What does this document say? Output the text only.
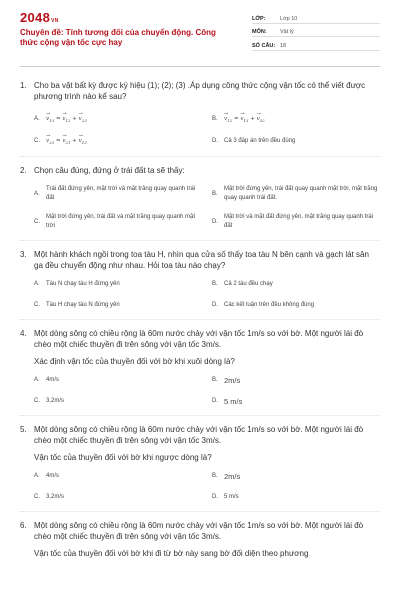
2048VN
Chuyên đề: Tính tương đối của chuyển động. Công thức cộng vận tốc cực hay
LỚP:	Lớp 10
MÔN:	Vật lý
SỐ CÂU: 18
1. Cho ba vật bất kỳ được ký hiệu (1); (2); (3) .Áp dụng công thức cộng vận tốc có thể viết được phương trình nào kể sau?
A.	v
→
$_{13}$ = v
→
$_{12}$ + v
→
$_{23}$	B.	v
→
$_{12}$ = v
→
$_{13}$ + v
→
$_{32}$
C.	v
→
$_{23}$ = v
→
$_{21}$ + v
→
$_{13}$	D.	Cả 3 đáp án trên đều đúng
2. Chọn câu đúng, đứng ở trái đất ta sẽ thấy:
A.
Trái đất đứng yên, mặt trời và mặt trăng quay quanh trái đất
B.
Mặt trời đứng yên, trái đất quay quanh mặt trời, mặt trăng quay quanh trái đất.
C.
Mặt trời đứng yên, trái đất và mặt trăng quay quanh mặt trời
D.
Mặt trời và mặt đất đứng yên, mặt trăng quay quanh trái đất
3. Một hành khách ngồi trong toa tàu H, nhìn qua cửa số thấy toa tàu N bên cạnh và gạch lát sân ga đều chuyển động như nhau. Hỏi toa tàu nào chạy?
A.	Tàu N chạy tàu H đứng yên	B.	Cả 2 tàu đều chạy
C.	Tàu H chạy tàu N đứng yên	D.	Các kết luận trên đều không đúng
4. Một dòng sông có chiều rộng là 60m nước chảy với vận tốc 1m/s so với bờ. Một người lái đò chèo một chiếc thuyền đi trên sông với vận tốc 3m/s.
Xác định vận tốc của thuyền đối với bờ khi xuôi dòng là?
A.	4m/s	B. 2m/s
C.	3,2m/s	D. 5 m/s
5. Một dòng sông có chiều rộng là 60m nước chảy với vận tốc 1m/s so với bờ. Một người lái đò chèo một chiếc thuyền đi trên sông với vận tốc 3m/s.
Vận tốc của thuyền đối với bờ khi ngược dòng là?
A.	4m/s	B. 2m/s
C.	3,2m/s	D.	5 m/s
6. Một dòng sông có chiều rộng là 60m nước chảy với vận tốc 1m/s so với bờ. Một người lái đò chèo một chiếc thuyền đi trên sông với vận tốc 3m/s.
Vận tốc của thuyền đối với bờ khi đi từ bờ này sang bờ đối diện theo phương
